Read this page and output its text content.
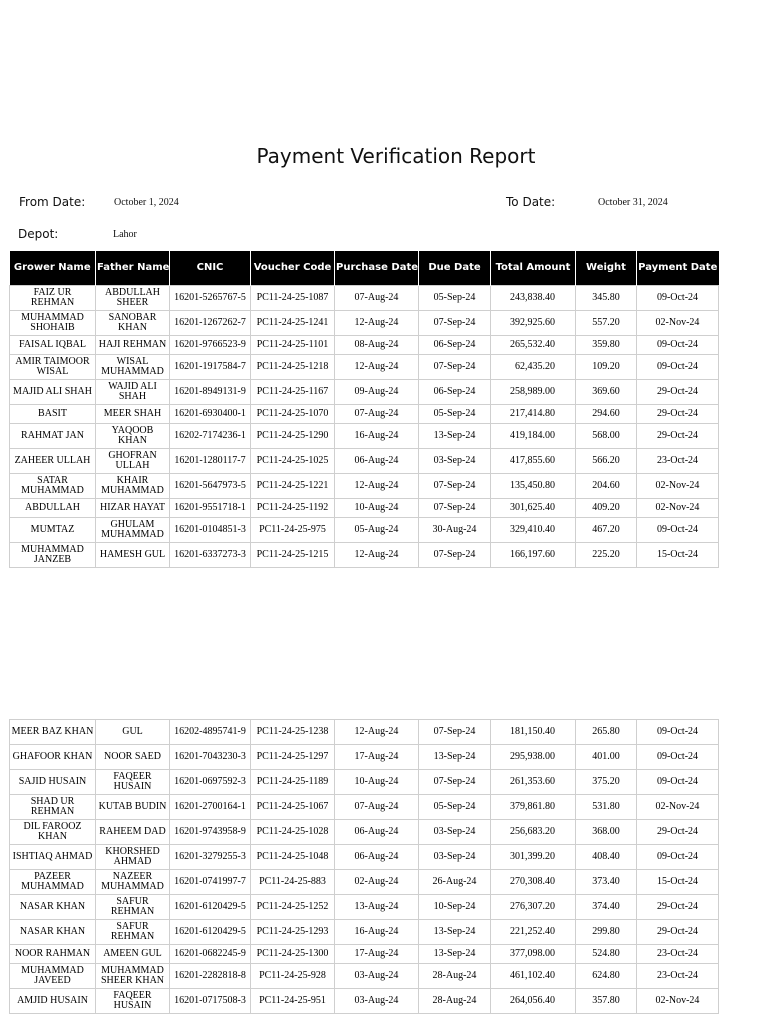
Payment Verification Report
From Date:	October 1, 2024	To Date:	October 31, 2024
Depot:	Lahor
Grower Name	Father Name	CNIC	Voucher Code	Purchase Date	Due Date	Total Amount	Weight	Payment Date
FAIZ UR REHMAN	ABDULLAH SHEER	16201-5265767-5	PC11-24-25-1087	07-Aug-24	05-Sep-24	243,838.40	345.80	09-Oct-24
MUHAMMAD SHOHAIB	SANOBAR KHAN	16201-1267262-7	PC11-24-25-1241	12-Aug-24	07-Sep-24	392,925.60	557.20	02-Nov-24
FAISAL IQBAL	HAJI REHMAN	16201-9766523-9	PC11-24-25-1101	08-Aug-24	06-Sep-24	265,532.40	359.80	09-Oct-24
AMIR TAIMOOR WISAL	WISAL MUHAMMAD	16201-1917584-7	PC11-24-25-1218	12-Aug-24	07-Sep-24	62,435.20	109.20	09-Oct-24
MAJID ALI SHAH	WAJID ALI SHAH	16201-8949131-9	PC11-24-25-1167	09-Aug-24	06-Sep-24	258,989.00	369.60	29-Oct-24
BASIT	MEER SHAH	16201-6930400-1	PC11-24-25-1070	07-Aug-24	05-Sep-24	217,414.80	294.60	29-Oct-24
RAHMAT JAN	YAQOOB KHAN	16202-7174236-1	PC11-24-25-1290	16-Aug-24	13-Sep-24	419,184.00	568.00	29-Oct-24
ZAHEER ULLAH	GHOFRAN ULLAH	16201-1280117-7	PC11-24-25-1025	06-Aug-24	03-Sep-24	417,855.60	566.20	23-Oct-24
SATAR MUHAMMAD	KHAIR MUHAMMAD	16201-5647973-5	PC11-24-25-1221	12-Aug-24	07-Sep-24	135,450.80	204.60	02-Nov-24
ABDULLAH	HIZAR HAYAT	16201-9551718-1	PC11-24-25-1192	10-Aug-24	07-Sep-24	301,625.40	409.20	02-Nov-24
MUMTAZ	GHULAM MUHAMMAD	16201-0104851-3	PC11-24-25-975	05-Aug-24	30-Aug-24	329,410.40	467.20	09-Oct-24
MUHAMMAD JANZEB	HAMESH GUL	16201-6337273-3	PC11-24-25-1215	12-Aug-24	07-Sep-24	166,197.60	225.20	15-Oct-24
MEER BAZ KHAN	GUL	16202-4895741-9	PC11-24-25-1238	12-Aug-24	07-Sep-24	181,150.40	265.80	09-Oct-24
GHAFOOR KHAN	NOOR SAED	16201-7043230-3	PC11-24-25-1297	17-Aug-24	13-Sep-24	295,938.00	401.00	09-Oct-24
SAJID HUSAIN	FAQEER HUSAIN	16201-0697592-3	PC11-24-25-1189	10-Aug-24	07-Sep-24	261,353.60	375.20	09-Oct-24
SHAD UR REHMAN	KUTAB BUDIN	16201-2700164-1	PC11-24-25-1067	07-Aug-24	05-Sep-24	379,861.80	531.80	02-Nov-24
DIL FAROOZ KHAN	RAHEEM DAD	16201-9743958-9	PC11-24-25-1028	06-Aug-24	03-Sep-24	256,683.20	368.00	29-Oct-24
ISHTIAQ AHMAD	KHORSHED AHMAD	16201-3279255-3	PC11-24-25-1048	06-Aug-24	03-Sep-24	301,399.20	408.40	09-Oct-24
PAZEER MUHAMMAD	NAZEER MUHAMMAD	16201-0741997-7	PC11-24-25-883	02-Aug-24	26-Aug-24	270,308.40	373.40	15-Oct-24
NASAR KHAN	SAFUR REHMAN	16201-6120429-5	PC11-24-25-1252	13-Aug-24	10-Sep-24	276,307.20	374.40	29-Oct-24
NASAR KHAN	SAFUR REHMAN	16201-6120429-5	PC11-24-25-1293	16-Aug-24	13-Sep-24	221,252.40	299.80	29-Oct-24
NOOR RAHMAN	AMEEN GUL	16201-0682245-9	PC11-24-25-1300	17-Aug-24	13-Sep-24	377,098.00	524.80	23-Oct-24
MUHAMMAD JAVEED	MUHAMMAD SHEER KHAN	16201-2282818-8	PC11-24-25-928	03-Aug-24	28-Aug-24	461,102.40	624.80	23-Oct-24
AMJID HUSAIN	FAQEER HUSAIN	16201-0717508-3	PC11-24-25-951	03-Aug-24	28-Aug-24	264,056.40	357.80	02-Nov-24
